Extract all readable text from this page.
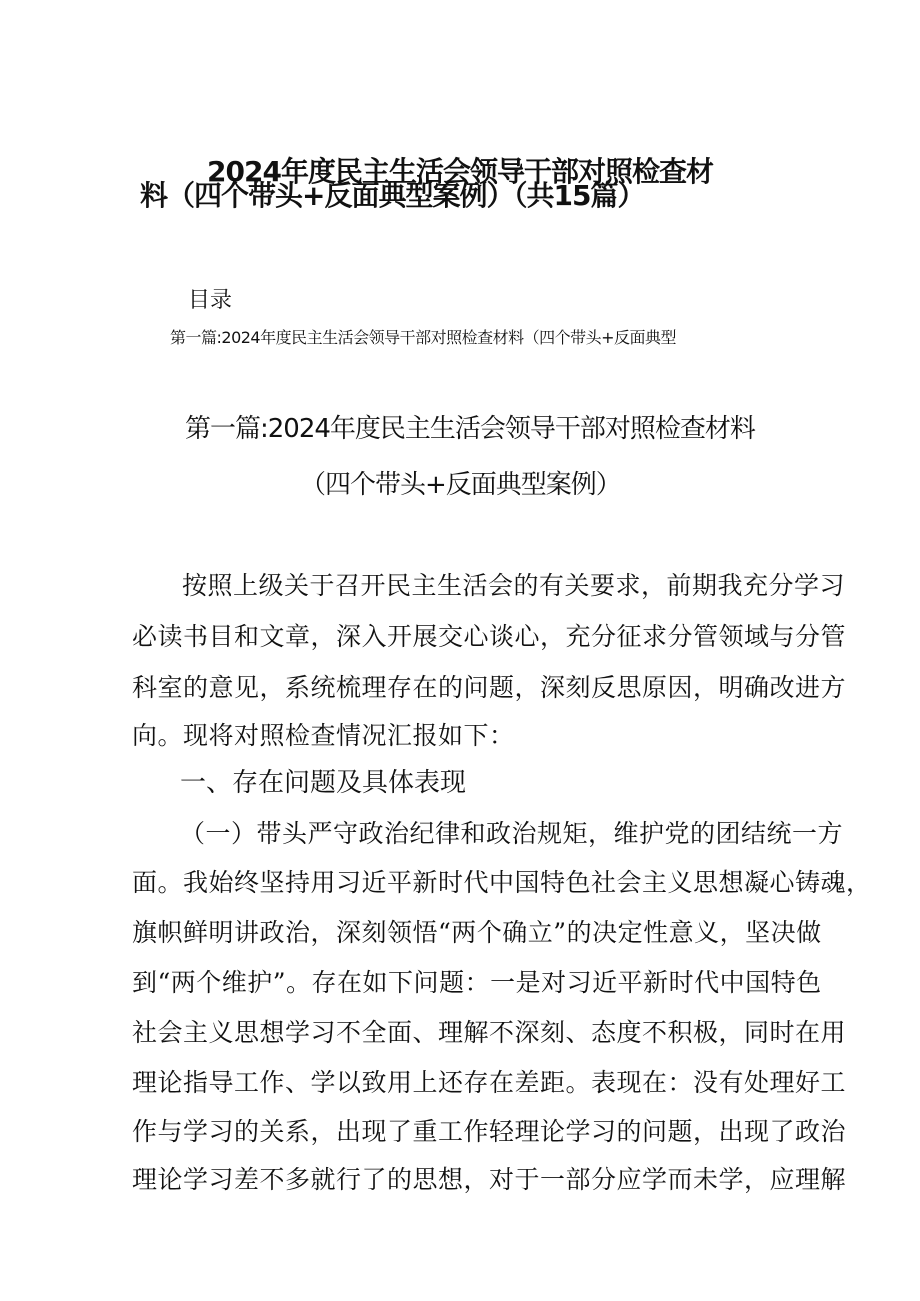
2024年度民主生活会领导干部对照检查材
料（四个带头+反面典型案例）（共15篇）
目录
第一篇:2024年度民主生活会领导干部对照检查材料（四个带头+反面典型
第一篇:2024年度民主生活会领导干部对照检查材料
（四个带头+反面典型案例）
按照上级关于召开民主生活会的有关要求，前期我充分学习
必读书目和文章，深入开展交心谈心，充分征求分管领域与分管
科室的意见，系统梳理存在的问题，深刻反思原因，明确改进方
向。现将对照检查情况汇报如下：
一、存在问题及具体表现
（一）带头严守政治纪律和政治规矩，维护党的团结统一方
面。我始终坚持用习近平新时代中国特色社会主义思想凝心铸魂，
旗帜鲜明讲政治，深刻领悟“两个确立”的决定性意义，坚决做
到“两个维护”。存在如下问题：一是对习近平新时代中国特色
社会主义思想学习不全面、理解不深刻、态度不积极，同时在用
理论指导工作、学以致用上还存在差距。表现在：没有处理好工
作与学习的关系，出现了重工作轻理论学习的问题，出现了政治
理论学习差不多就行了的思想，对于一部分应学而未学，应理解
